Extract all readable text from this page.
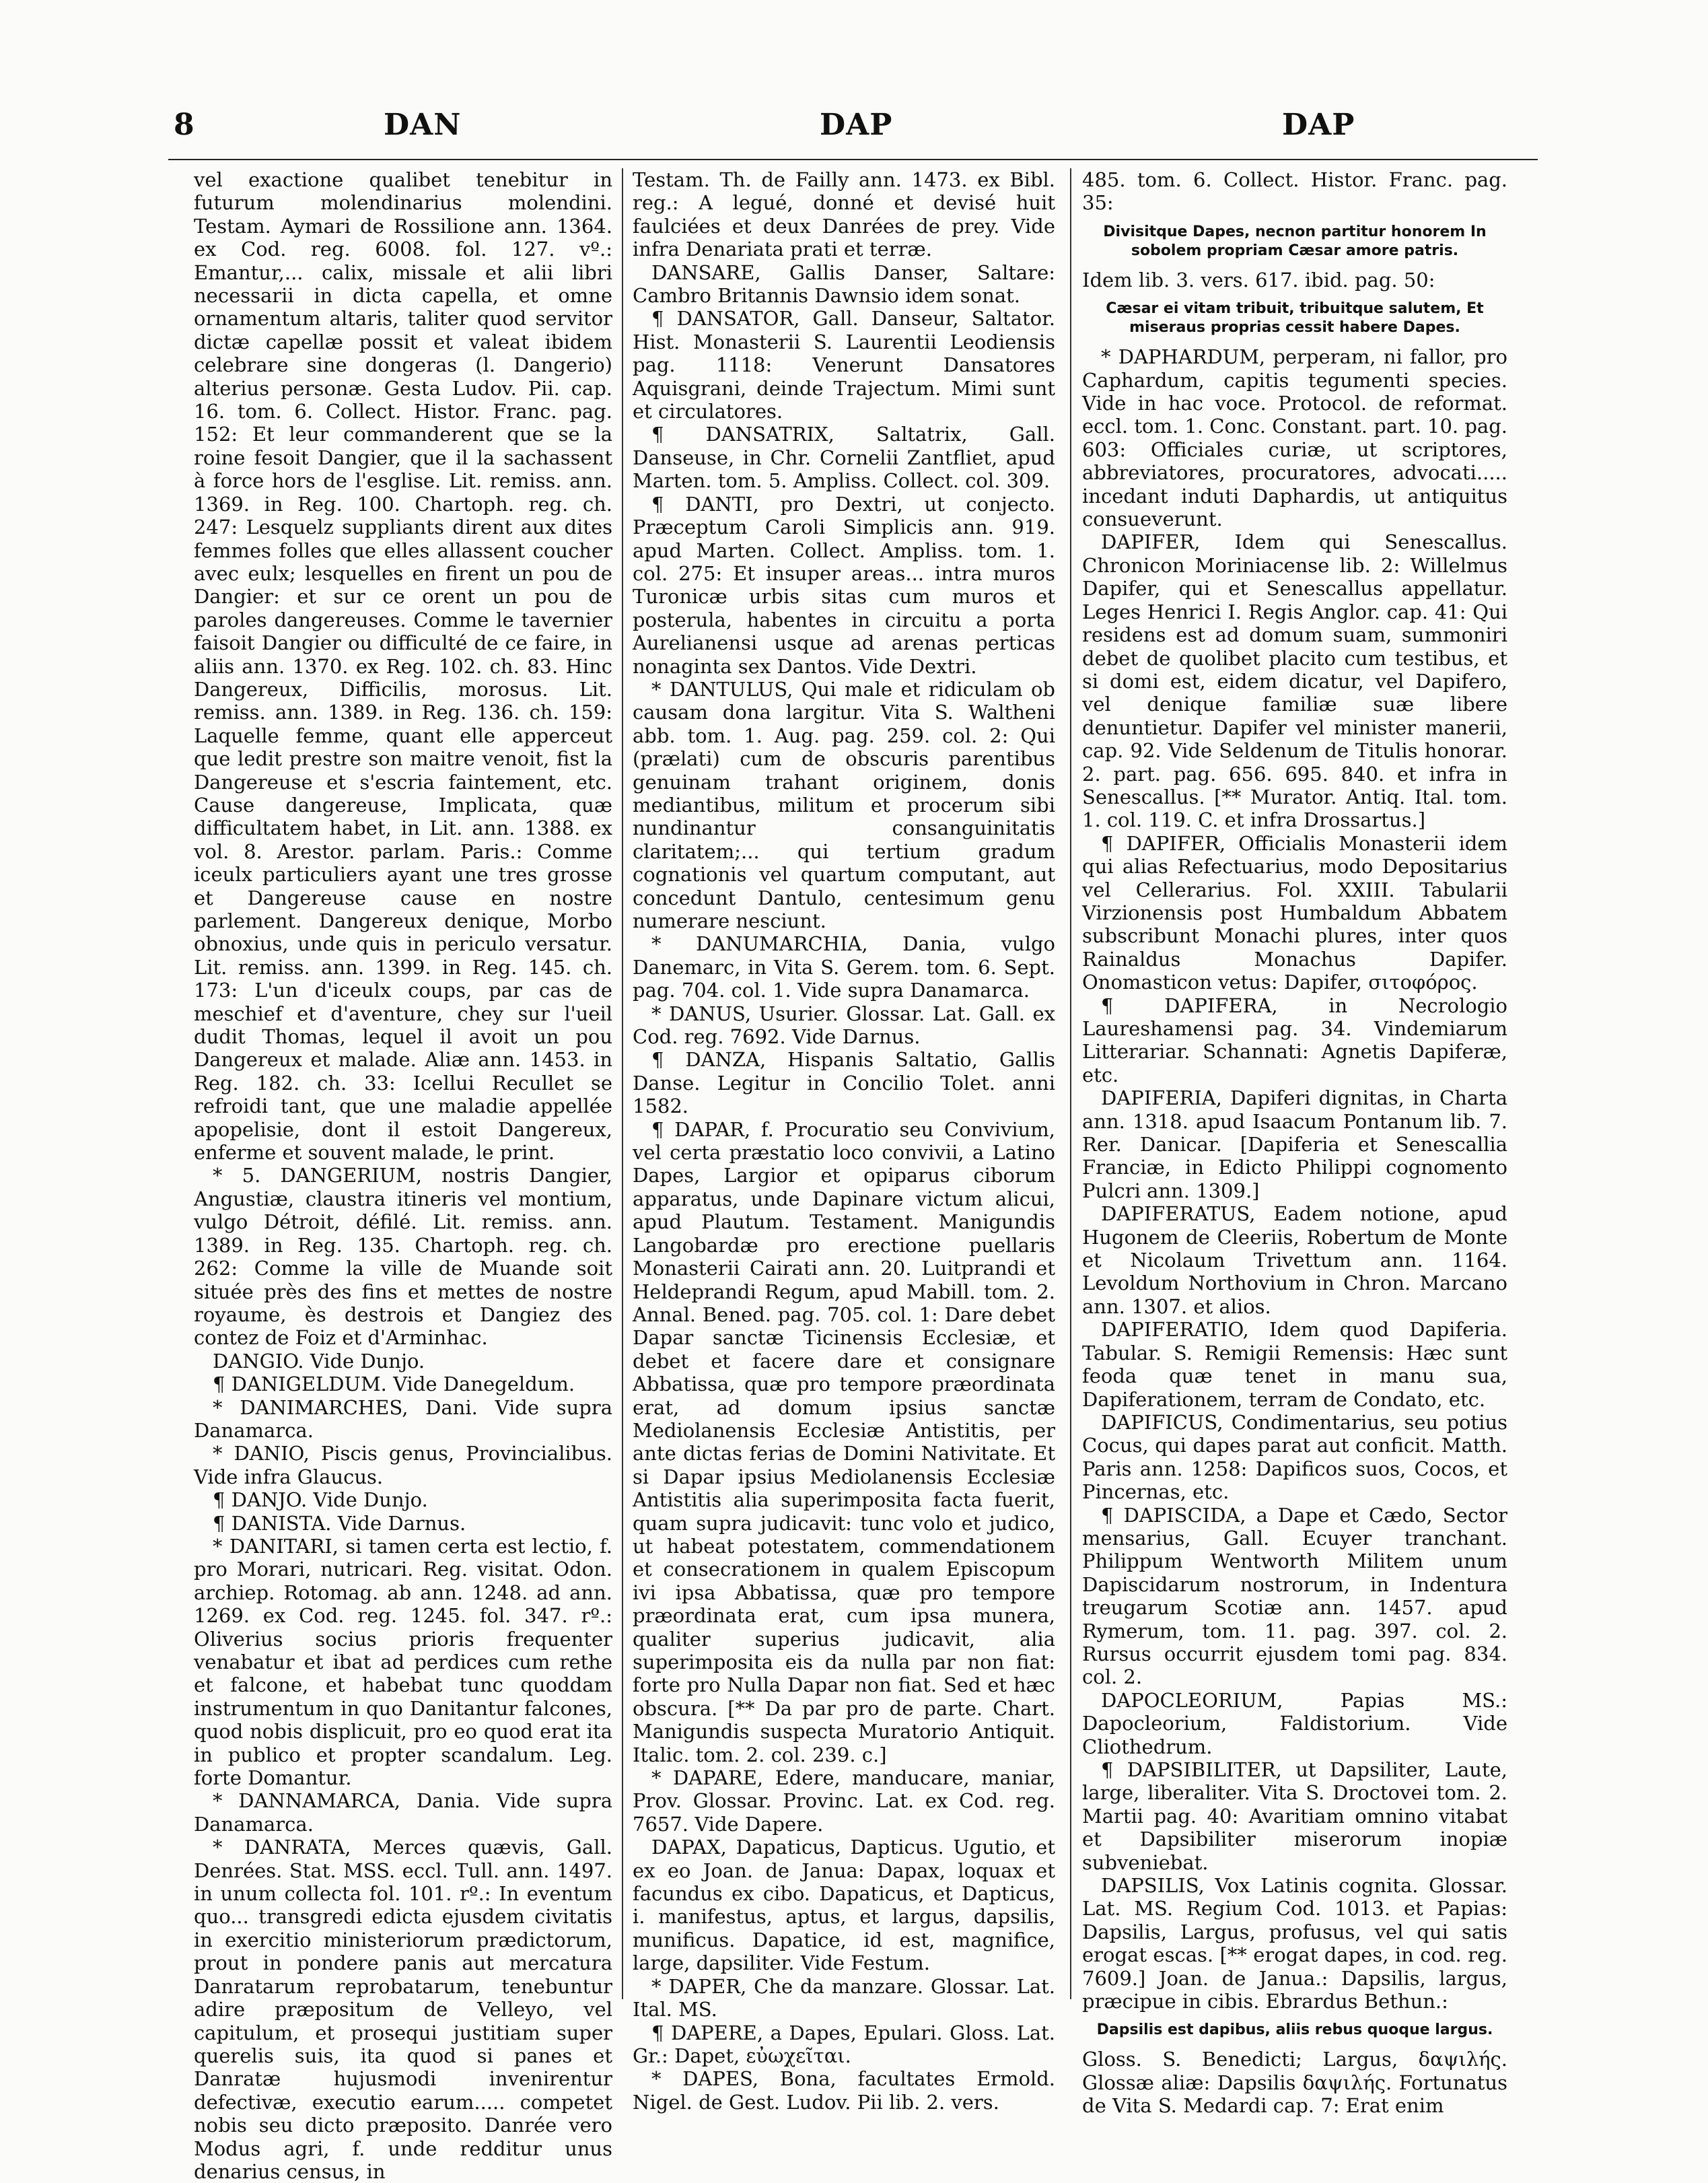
8	DAN	DAP	DAP

vel exactione qualibet tenebitur in futurum molendinarius molendini. Testam. Aymari de Rossilione ann. 1364. ex Cod. reg. 6008. fol. 127. vº.: Emantur,... calix, missale et alii libri necessarii in dicta capella, et omne ornamentum altaris, taliter quod servitor dictæ capellæ possit et valeat ibidem celebrare sine dongeras (l. Dangerio) alterius personæ. Gesta Ludov. Pii. cap. 16. tom. 6. Collect. Histor. Franc. pag. 152: Et leur commanderent que se la roine fesoit Dangier, que il la sachassent à force hors de l'esglise. Lit. remiss. ann. 1369. in Reg. 100. Chartoph. reg. ch. 247: Lesquelz suppliants dirent aux dites femmes folles que elles allassent coucher avec eulx; lesquelles en firent un pou de Dangier: et sur ce orent un pou de paroles dangereuses. Comme le tavernier faisoit Dangier ou difficulté de ce faire, in aliis ann. 1370. ex Reg. 102. ch. 83. Hinc Dangereux, Difficilis, morosus. Lit. remiss. ann. 1389. in Reg. 136. ch. 159: Laquelle femme, quant elle apperceut que ledit prestre son maitre venoit, fist la Dangereuse et s'escria faintement, etc. Cause dangereuse, Implicata, quæ difficultatem habet, in Lit. ann. 1388. ex vol. 8. Arestor. parlam. Paris.: Comme iceulx particuliers ayant une tres grosse et Dangereuse cause en nostre parlement. Dangereux denique, Morbo obnoxius, unde quis in periculo versatur. Lit. remiss. ann. 1399. in Reg. 145. ch. 173: L'un d'iceulx coups, par cas de meschief et d'aventure, chey sur l'ueil dudit Thomas, lequel il avoit un pou Dangereux et malade. Aliæ ann. 1453. in Reg. 182. ch. 33: Icellui Recullet se refroidi tant, que une maladie appellée apopelisie, dont il estoit Dangereux, enferme et souvent malade, le print.

* 5. DANGERIUM, nostris Dangier, Angustiæ, claustra itineris vel montium, vulgo Détroit, défilé. Lit. remiss. ann. 1389. in Reg. 135. Chartoph. reg. ch. 262: Comme la ville de Muande soit située près des fins et mettes de nostre royaume, ès destrois et Dangiez des contez de Foiz et d'Arminhac.

DANGIO. Vide Dunjo.

¶ DANIGELDUM. Vide Danegeldum.

* DANIMARCHES, Dani. Vide supra Danamarca.

* DANIO, Piscis genus, Provincialibus. Vide infra Glaucus.

¶ DANJO. Vide Dunjo.

¶ DANISTA. Vide Darnus.

* DANITARI, si tamen certa est lectio, f. pro Morari, nutricari. Reg. visitat. Odon. archiep. Rotomag. ab ann. 1248. ad ann. 1269. ex Cod. reg. 1245. fol. 347. rº.: Oliverius socius prioris frequenter venabatur et ibat ad perdices cum rethe et falcone, et habebat tunc quoddam instrumentum in quo Danitantur falcones, quod nobis displicuit, pro eo quod erat ita in publico et propter scandalum. Leg. forte Domantur.

* DANNAMARCA, Dania. Vide supra Danamarca.

* DANRATA, Merces quævis, Gall. Denrées. Stat. MSS. eccl. Tull. ann. 1497. in unum collecta fol. 101. rº.: In eventum quo... transgredi edicta ejusdem civitatis in exercitio ministeriorum prædictorum, prout in pondere panis aut mercatura Danratarum reprobatarum, tenebuntur adire præpositum de Velleyo, vel capitulum, et prosequi justitiam super querelis suis, ita quod si panes et Danratæ hujusmodi invenirentur defectivæ, executio earum..... competet nobis seu dicto præposito. Danrée vero Modus agri, f. unde redditur unus denarius census, in

Testam. Th. de Failly ann. 1473. ex Bibl. reg.: A legué, donné et devisé huit faulciées et deux Danrées de prey. Vide infra Denariata prati et terræ.

DANSARE, Gallis Danser, Saltare: Cambro Britannis Dawnsio idem sonat.

¶ DANSATOR, Gall. Danseur, Saltator. Hist. Monasterii S. Laurentii Leodiensis pag. 1118: Venerunt Dansatores Aquisgrani, deinde Trajectum. Mimi sunt et circulatores.

¶ DANSATRIX, Saltatrix, Gall. Danseuse, in Chr. Cornelii Zantfliet, apud Marten. tom. 5. Ampliss. Collect. col. 309.

¶ DANTI, pro Dextri, ut conjecto. Præceptum Caroli Simplicis ann. 919. apud Marten. Collect. Ampliss. tom. 1. col. 275: Et insuper areas... intra muros Turonicæ urbis sitas cum muros et posterula, habentes in circuitu a porta Aurelianensi usque ad arenas perticas nonaginta sex Dantos. Vide Dextri.

* DANTULUS, Qui male et ridiculam ob causam dona largitur. Vita S. Waltheni abb. tom. 1. Aug. pag. 259. col. 2: Qui (prælati) cum de obscuris parentibus genuinam trahant originem, donis mediantibus, militum et procerum sibi nundinantur consanguinitatis claritatem;... qui tertium gradum cognationis vel quartum computant, aut concedunt Dantulo, centesimum genu numerare nesciunt.

* DANUMARCHIA, Dania, vulgo Danemarc, in Vita S. Gerem. tom. 6. Sept. pag. 704. col. 1. Vide supra Danamarca.

* DANUS, Usurier. Glossar. Lat. Gall. ex Cod. reg. 7692. Vide Darnus.

¶ DANZA, Hispanis Saltatio, Gallis Danse. Legitur in Concilio Tolet. anni 1582.

¶ DAPAR, f. Procuratio seu Convivium, vel certa præstatio loco convivii, a Latino Dapes, Largior et opiparus ciborum apparatus, unde Dapinare victum alicui, apud Plautum. Testament. Manigundis Langobardæ pro erectione puellaris Monasterii Cairati ann. 20. Luitprandi et Heldeprandi Regum, apud Mabill. tom. 2. Annal. Bened. pag. 705. col. 1: Dare debet Dapar sanctæ Ticinensis Ecclesiæ, et debet et facere dare et consignare Abbatissa, quæ pro tempore præordinata erat, ad domum ipsius sanctæ Mediolanensis Ecclesiæ Antistitis, per ante dictas ferias de Domini Nativitate. Et si Dapar ipsius Mediolanensis Ecclesiæ Antistitis alia superimposita facta fuerit, quam supra judicavit: tunc volo et judico, ut habeat potestatem, commendationem et consecrationem in qualem Episcopum ivi ipsa Abbatissa, quæ pro tempore præordinata erat, cum ipsa munera, qualiter superius judicavit, alia superimposita eis da nulla par non fiat: forte pro Nulla Dapar non fiat. Sed et hæc obscura. [** Da par pro de parte. Chart. Manigundis suspecta Muratorio Antiquit. Italic. tom. 2. col. 239. c.]

* DAPARE, Edere, manducare, maniar, Prov. Glossar. Provinc. Lat. ex Cod. reg. 7657. Vide Dapere.

DAPAX, Dapaticus, Dapticus. Ugutio, et ex eo Joan. de Janua: Dapax, loquax et facundus ex cibo. Dapaticus, et Dapticus, i. manifestus, aptus, et largus, dapsilis, munificus. Dapatice, id est, magnifice, large, dapsiliter. Vide Festum.

* DAPER, Che da manzare. Glossar. Lat. Ital. MS.

¶ DAPERE, a Dapes, Epulari. Gloss. Lat. Gr.: Dapet, εὐωχεῖται.

* DAPES, Bona, facultates Ermold. Nigel. de Gest. Ludov. Pii lib. 2. vers.

485. tom. 6. Collect. Histor. Franc. pag. 35:

Divisitque Dapes, necnon partitur honorem In sobolem propriam Cæsar amore patris.

Idem lib. 3. vers. 617. ibid. pag. 50:

Cæsar ei vitam tribuit, tribuitque salutem, Et miseraus proprias cessit habere Dapes.

* DAPHARDUM, perperam, ni fallor, pro Caphardum, capitis tegumenti species. Vide in hac voce. Protocol. de reformat. eccl. tom. 1. Conc. Constant. part. 10. pag. 603: Officiales curiæ, ut scriptores, abbreviatores, procuratores, advocati..... incedant induti Daphardis, ut antiquitus consueverunt.

DAPIFER, Idem qui Senescallus. Chronicon Moriniacense lib. 2: Willelmus Dapifer, qui et Senescallus appellatur. Leges Henrici I. Regis Anglor. cap. 41: Qui residens est ad domum suam, summoniri debet de quolibet placito cum testibus, et si domi est, eidem dicatur, vel Dapifero, vel denique familiæ suæ libere denuntietur. Dapifer vel minister manerii, cap. 92. Vide Seldenum de Titulis honorar. 2. part. pag. 656. 695. 840. et infra in Senescallus. [** Murator. Antiq. Ital. tom. 1. col. 119. C. et infra Drossartus.]

¶ DAPIFER, Officialis Monasterii idem qui alias Refectuarius, modo Depositarius vel Cellerarius. Fol. XXIII. Tabularii Virzionensis post Humbaldum Abbatem subscribunt Monachi plures, inter quos Rainaldus Monachus Dapifer. Onomasticon vetus: Dapifer, σιτοφόρος.

¶ DAPIFERA, in Necrologio Laureshamensi pag. 34. Vindemiarum Litterariar. Schannati: Agnetis Dapiferæ, etc.

DAPIFERIA, Dapiferi dignitas, in Charta ann. 1318. apud Isaacum Pontanum lib. 7. Rer. Danicar. [Dapiferia et Senescallia Franciæ, in Edicto Philippi cognomento Pulcri ann. 1309.]

DAPIFERATUS, Eadem notione, apud Hugonem de Cleeriis, Robertum de Monte et Nicolaum Trivettum ann. 1164. Levoldum Northovium in Chron. Marcano ann. 1307. et alios.

DAPIFERATIO, Idem quod Dapiferia. Tabular. S. Remigii Remensis: Hæc sunt feoda quæ tenet in manu sua, Dapiferationem, terram de Condato, etc.

DAPIFICUS, Condimentarius, seu potius Cocus, qui dapes parat aut conficit. Matth. Paris ann. 1258: Dapificos suos, Cocos, et Pincernas, etc.

¶ DAPISCIDA, a Dape et Cædo, Sector mensarius, Gall. Ecuyer tranchant. Philippum Wentworth Militem unum Dapiscidarum nostrorum, in Indentura treugarum Scotiæ ann. 1457. apud Rymerum, tom. 11. pag. 397. col. 2. Rursus occurrit ejusdem tomi pag. 834. col. 2.

DAPOCLEORIUM, Papias MS.: Dapocleorium, Faldistorium. Vide Cliothedrum.

¶ DAPSIBILITER, ut Dapsiliter, Laute, large, liberaliter. Vita S. Droctovei tom. 2. Martii pag. 40: Avaritiam omnino vitabat et Dapsibiliter miserorum inopiæ subveniebat.

DAPSILIS, Vox Latinis cognita. Glossar. Lat. MS. Regium Cod. 1013. et Papias: Dapsilis, Largus, profusus, vel qui satis erogat escas. [** erogat dapes, in cod. reg. 7609.] Joan. de Janua.: Dapsilis, largus, præcipue in cibis. Ebrardus Bethun.:

Dapsilis est dapibus, aliis rebus quoque largus.

Gloss. S. Benedicti; Largus, δαψιλής. Glossæ aliæ: Dapsilis δαψιλής. Fortunatus de Vita S. Medardi cap. 7: Erat enim
